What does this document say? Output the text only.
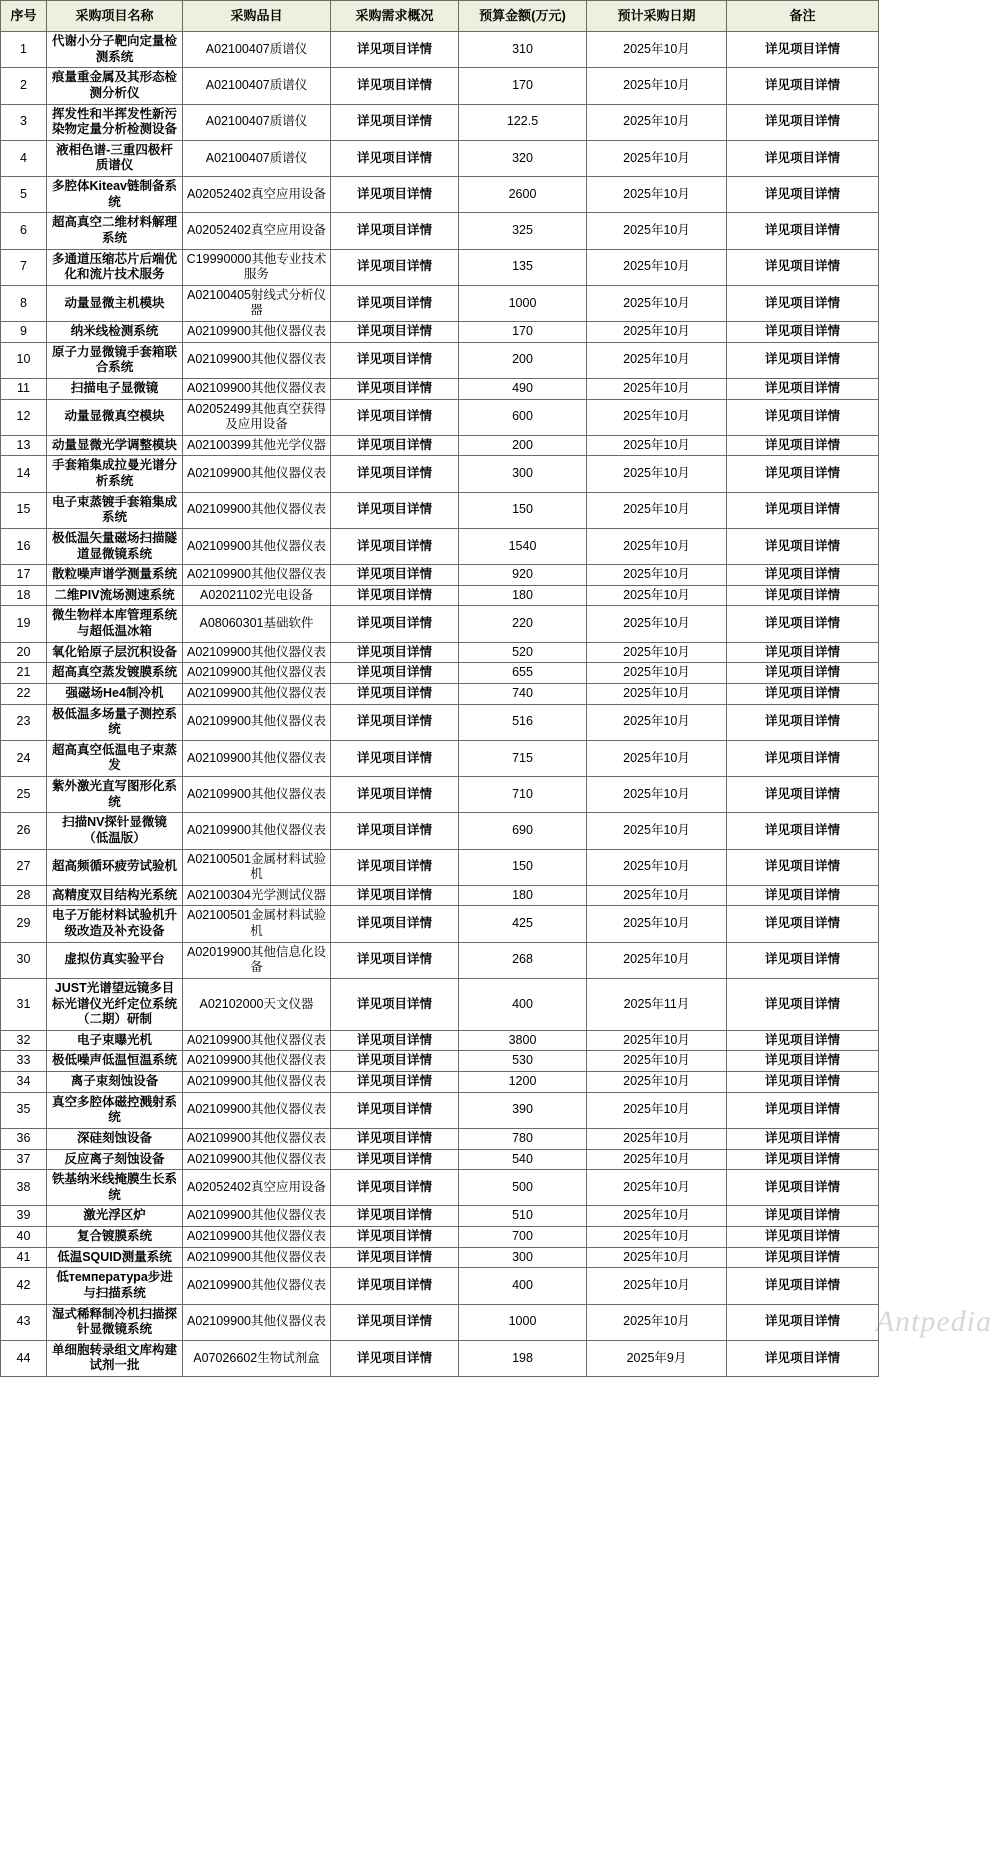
序号	采购项目名称	采购品目	采购需求概况	预算金额(万元)	预计采购日期	备注
1	代谢小分子靶向定量检测系统	A02100407质谱仪	详见项目详情	310	2025年10月	详见项目详情
2	痕量重金属及其形态检测分析仪	A02100407质谱仪	详见项目详情	170	2025年10月	详见项目详情
3	挥发性和半挥发性新污染物定量分析检测设备	A02100407质谱仪	详见项目详情	122.5	2025年10月	详见项目详情
4	液相色谱-三重四极杆质谱仪	A02100407质谱仪	详见项目详情	320	2025年10月	详见项目详情
5	多腔体Kiteav链制备系统	A02052402真空应用设备	详见项目详情	2600	2025年10月	详见项目详情
6	超高真空二维材料解理系统	A02052402真空应用设备	详见项目详情	325	2025年10月	详见项目详情
7	多通道压缩芯片后端优化和流片技术服务	C19990000其他专业技术服务	详见项目详情	135	2025年10月	详见项目详情
8	动量显微主机模块	A02100405射线式分析仪器	详见项目详情	1000	2025年10月	详见项目详情
9	纳米线检测系统	A02109900其他仪器仪表	详见项目详情	170	2025年10月	详见项目详情
10	原子力显微镜手套箱联合系统	A02109900其他仪器仪表	详见项目详情	200	2025年10月	详见项目详情
11	扫描电子显微镜	A02109900其他仪器仪表	详见项目详情	490	2025年10月	详见项目详情
12	动量显微真空模块	A02052499其他真空获得及应用设备	详见项目详情	600	2025年10月	详见项目详情
13	动量显微光学调整模块	A02100399其他光学仪器	详见项目详情	200	2025年10月	详见项目详情
14	手套箱集成拉曼光谱分析系统	A02109900其他仪器仪表	详见项目详情	300	2025年10月	详见项目详情
15	电子束蒸镀手套箱集成系统	A02109900其他仪器仪表	详见项目详情	150	2025年10月	详见项目详情
16	极低温矢量磁场扫描隧道显微镜系统	A02109900其他仪器仪表	详见项目详情	1540	2025年10月	详见项目详情
17	散粒噪声谱学测量系统	A02109900其他仪器仪表	详见项目详情	920	2025年10月	详见项目详情
18	二维PIV流场测速系统	A02021102光电设备	详见项目详情	180	2025年10月	详见项目详情
19	微生物样本库管理系统与超低温冰箱	A08060301基础软件	详见项目详情	220	2025年10月	详见项目详情
20	氧化铪原子层沉积设备	A02109900其他仪器仪表	详见项目详情	520	2025年10月	详见项目详情
21	超高真空蒸发镀膜系统	A02109900其他仪器仪表	详见项目详情	655	2025年10月	详见项目详情
22	强磁场He4制冷机	A02109900其他仪器仪表	详见项目详情	740	2025年10月	详见项目详情
23	极低温多场量子测控系统	A02109900其他仪器仪表	详见项目详情	516	2025年10月	详见项目详情
24	超高真空低温电子束蒸发	A02109900其他仪器仪表	详见项目详情	715	2025年10月	详见项目详情
25	紫外激光直写图形化系统	A02109900其他仪器仪表	详见项目详情	710	2025年10月	详见项目详情
26	扫描NV探针显微镜（低温版）	A02109900其他仪器仪表	详见项目详情	690	2025年10月	详见项目详情
27	超高频循环疲劳试验机	A02100501金属材料试验机	详见项目详情	150	2025年10月	详见项目详情
28	高精度双目结构光系统	A02100304光学测试仪器	详见项目详情	180	2025年10月	详见项目详情
29	电子万能材料试验机升级改造及补充设备	A02100501金属材料试验机	详见项目详情	425	2025年10月	详见项目详情
30	虚拟仿真实验平台	A02019900其他信息化设备	详见项目详情	268	2025年10月	详见项目详情
31	JUST光谱望远镜多目标光谱仪光纤定位系统（二期）研制	A02102000天文仪器	详见项目详情	400	2025年11月	详见项目详情
32	电子束曝光机	A02109900其他仪器仪表	详见项目详情	3800	2025年10月	详见项目详情
33	极低噪声低温恒温系统	A02109900其他仪器仪表	详见项目详情	530	2025年10月	详见项目详情
34	离子束刻蚀设备	A02109900其他仪器仪表	详见项目详情	1200	2025年10月	详见项目详情
35	真空多腔体磁控溅射系统	A02109900其他仪器仪表	详见项目详情	390	2025年10月	详见项目详情
36	深硅刻蚀设备	A02109900其他仪器仪表	详见项目详情	780	2025年10月	详见项目详情
37	反应离子刻蚀设备	A02109900其他仪器仪表	详见项目详情	540	2025年10月	详见项目详情
38	铁基纳米线掩膜生长系统	A02052402真空应用设备	详见项目详情	500	2025年10月	详见项目详情
39	激光浮区炉	A02109900其他仪器仪表	详见项目详情	510	2025年10月	详见项目详情
40	复合镀膜系统	A02109900其他仪器仪表	详见项目详情	700	2025年10月	详见项目详情
41	低温SQUID测量系统	A02109900其他仪器仪表	详见项目详情	300	2025年10月	详见项目详情
42	低температура步进与扫描系统	A02109900其他仪器仪表	详见项目详情	400	2025年10月	详见项目详情
43	湿式稀释制冷机扫描探针显微镜系统	A02109900其他仪器仪表	详见项目详情	1000	2025年10月	详见项目详情
44	单细胞转录组文库构建试剂一批	A07026602生物试剂盒	详见项目详情	198	2025年9月	详见项目详情
Antpedia
